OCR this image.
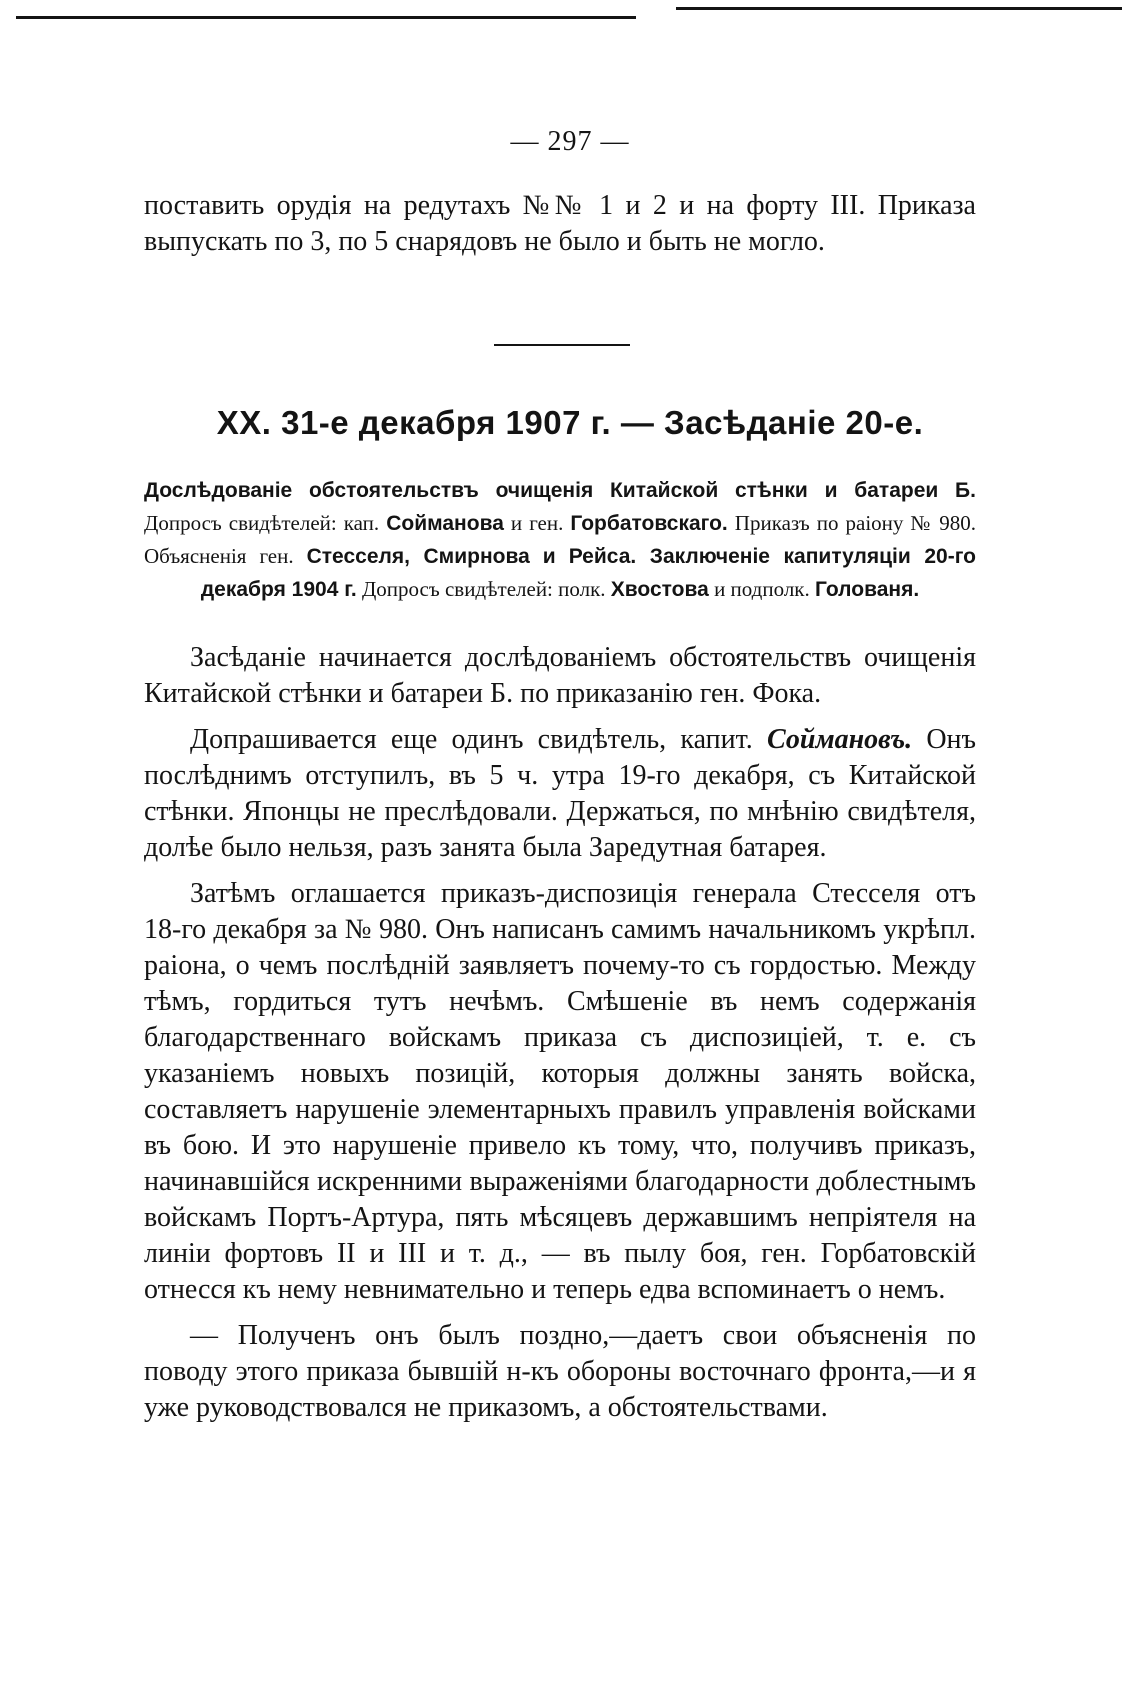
— 297 —

поставить орудія на редутахъ №№ 1 и 2 и на форту III. Приказа выпускать по 3, по 5 снарядовъ не было и быть не могло.

XX. 31-е декабря 1907 г. — Засѣданіе 20-е.

Дослѣдованіе обстоятельствъ очищенія Китайской стѣнки и батареи Б. Допросъ свидѣтелей: кап. Сойманова и ген. Горбатовскаго. Приказъ по раіону № 980. Объясненія ген. Стесселя, Смирнова и Рейса. Заключеніе капитуляціи 20-го декабря 1904 г. Допросъ свидѣтелей: полк. Хвостова и подполк. Голованя.

Засѣданіе начинается дослѣдованіемъ обстоятельствъ очищенія Китайской стѣнки и батареи Б. по приказанію ген. Фока.

Допрашивается еще одинъ свидѣтель, капит. Соймановъ. Онъ послѣднимъ отступилъ, въ 5 ч. утра 19-го декабря, съ Китайской стѣнки. Японцы не преслѣдовали. Держаться, по мнѣнію свидѣтеля, долѣе было нельзя, разъ занята была Заредутная батарея.

Затѣмъ оглашается приказъ-диспозиція генерала Стесселя отъ 18-го декабря за № 980. Онъ написанъ самимъ начальникомъ укрѣпл. раіона, о чемъ послѣдній заявляетъ почему-то съ гордостью. Между тѣмъ, гордиться тутъ нечѣмъ. Смѣшеніе въ немъ содержанія благодарственнаго войскамъ приказа съ диспозиціей, т. е. съ указаніемъ новыхъ позицій, которыя должны занять войска, составляетъ нарушеніе элементарныхъ правилъ управленія войсками въ бою. И это нарушеніе привело къ тому, что, получивъ приказъ, начинавшійся искренними выраженіями благодарности доблестнымъ войскамъ Портъ-Артура, пять мѣсяцевъ державшимъ непріятеля на линіи фортовъ II и III и т. д., — въ пылу боя, ген. Горбатовскій отнесся къ нему невнимательно и теперь едва вспоминаетъ о немъ.

— Полученъ онъ былъ поздно,—даетъ свои объясненія по поводу этого приказа бывшій н-къ обороны восточнаго фронта,—и я уже руководствовался не приказомъ, а обстоятельствами.
